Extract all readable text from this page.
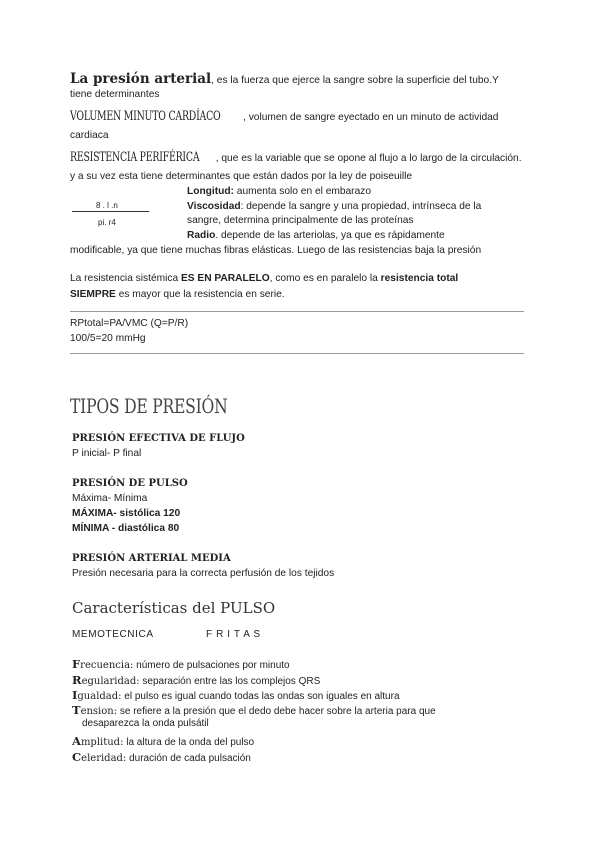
La presión arterial, es la fuerza que ejerce la sangre sobre la superficie del tubo.Y
tiene determinantes
VOLUMEN MINUTO CARDÍACO , volumen de sangre eyectado en un minuto de actividad
cardiaca
RESISTENCIA PERIFÉRICA , que es la variable que se opone al flujo a lo largo de la circulación.
y a su vez esta tiene determinantes que están dados por la ley de poiseuille
8 . l .n
pi. r4
Longitud: aumenta solo en el embarazo
Viscosidad: depende la sangre y una propiedad, intrínseca de la
sangre, determina principalmente de las proteínas
Radio. depende de las arteriolas, ya que es rápidamente
modificable, ya que tiene muchas fibras elásticas. Luego de las resistencias baja la presión
La resistencia sistémica ES EN PARALELO, como es en paralelo la resistencia total
SIEMPRE es mayor que la resistencia en serie.
RPtotal=PA/VMC (Q=P/R)
100/5=20 mmHg
TIPOS DE PRESIÓN
PRESIÓN EFECTIVA DE FLUJO
P inicial- P final
PRESIÓN DE PULSO
Máxima- Mínima
MÁXIMA- sistólica 120
MÍNIMA - diastólica 80
PRESIÓN ARTERIAL MEDIA
Presión necesaria para la correcta perfusión de los tejidos
Características del PULSO
MEMOTECNICA	F R I T A S
Frecuencia: número de pulsaciones por minuto
Regularidad: separación entre las los complejos QRS
Igualdad: el pulso es igual cuando todas las ondas son iguales en altura
Tension: se refiere a la presión que el dedo debe hacer sobre la arteria para que
desaparezca la onda pulsátil
Amplitud: la altura de la onda del pulso
Celeridad: duración de cada pulsación
